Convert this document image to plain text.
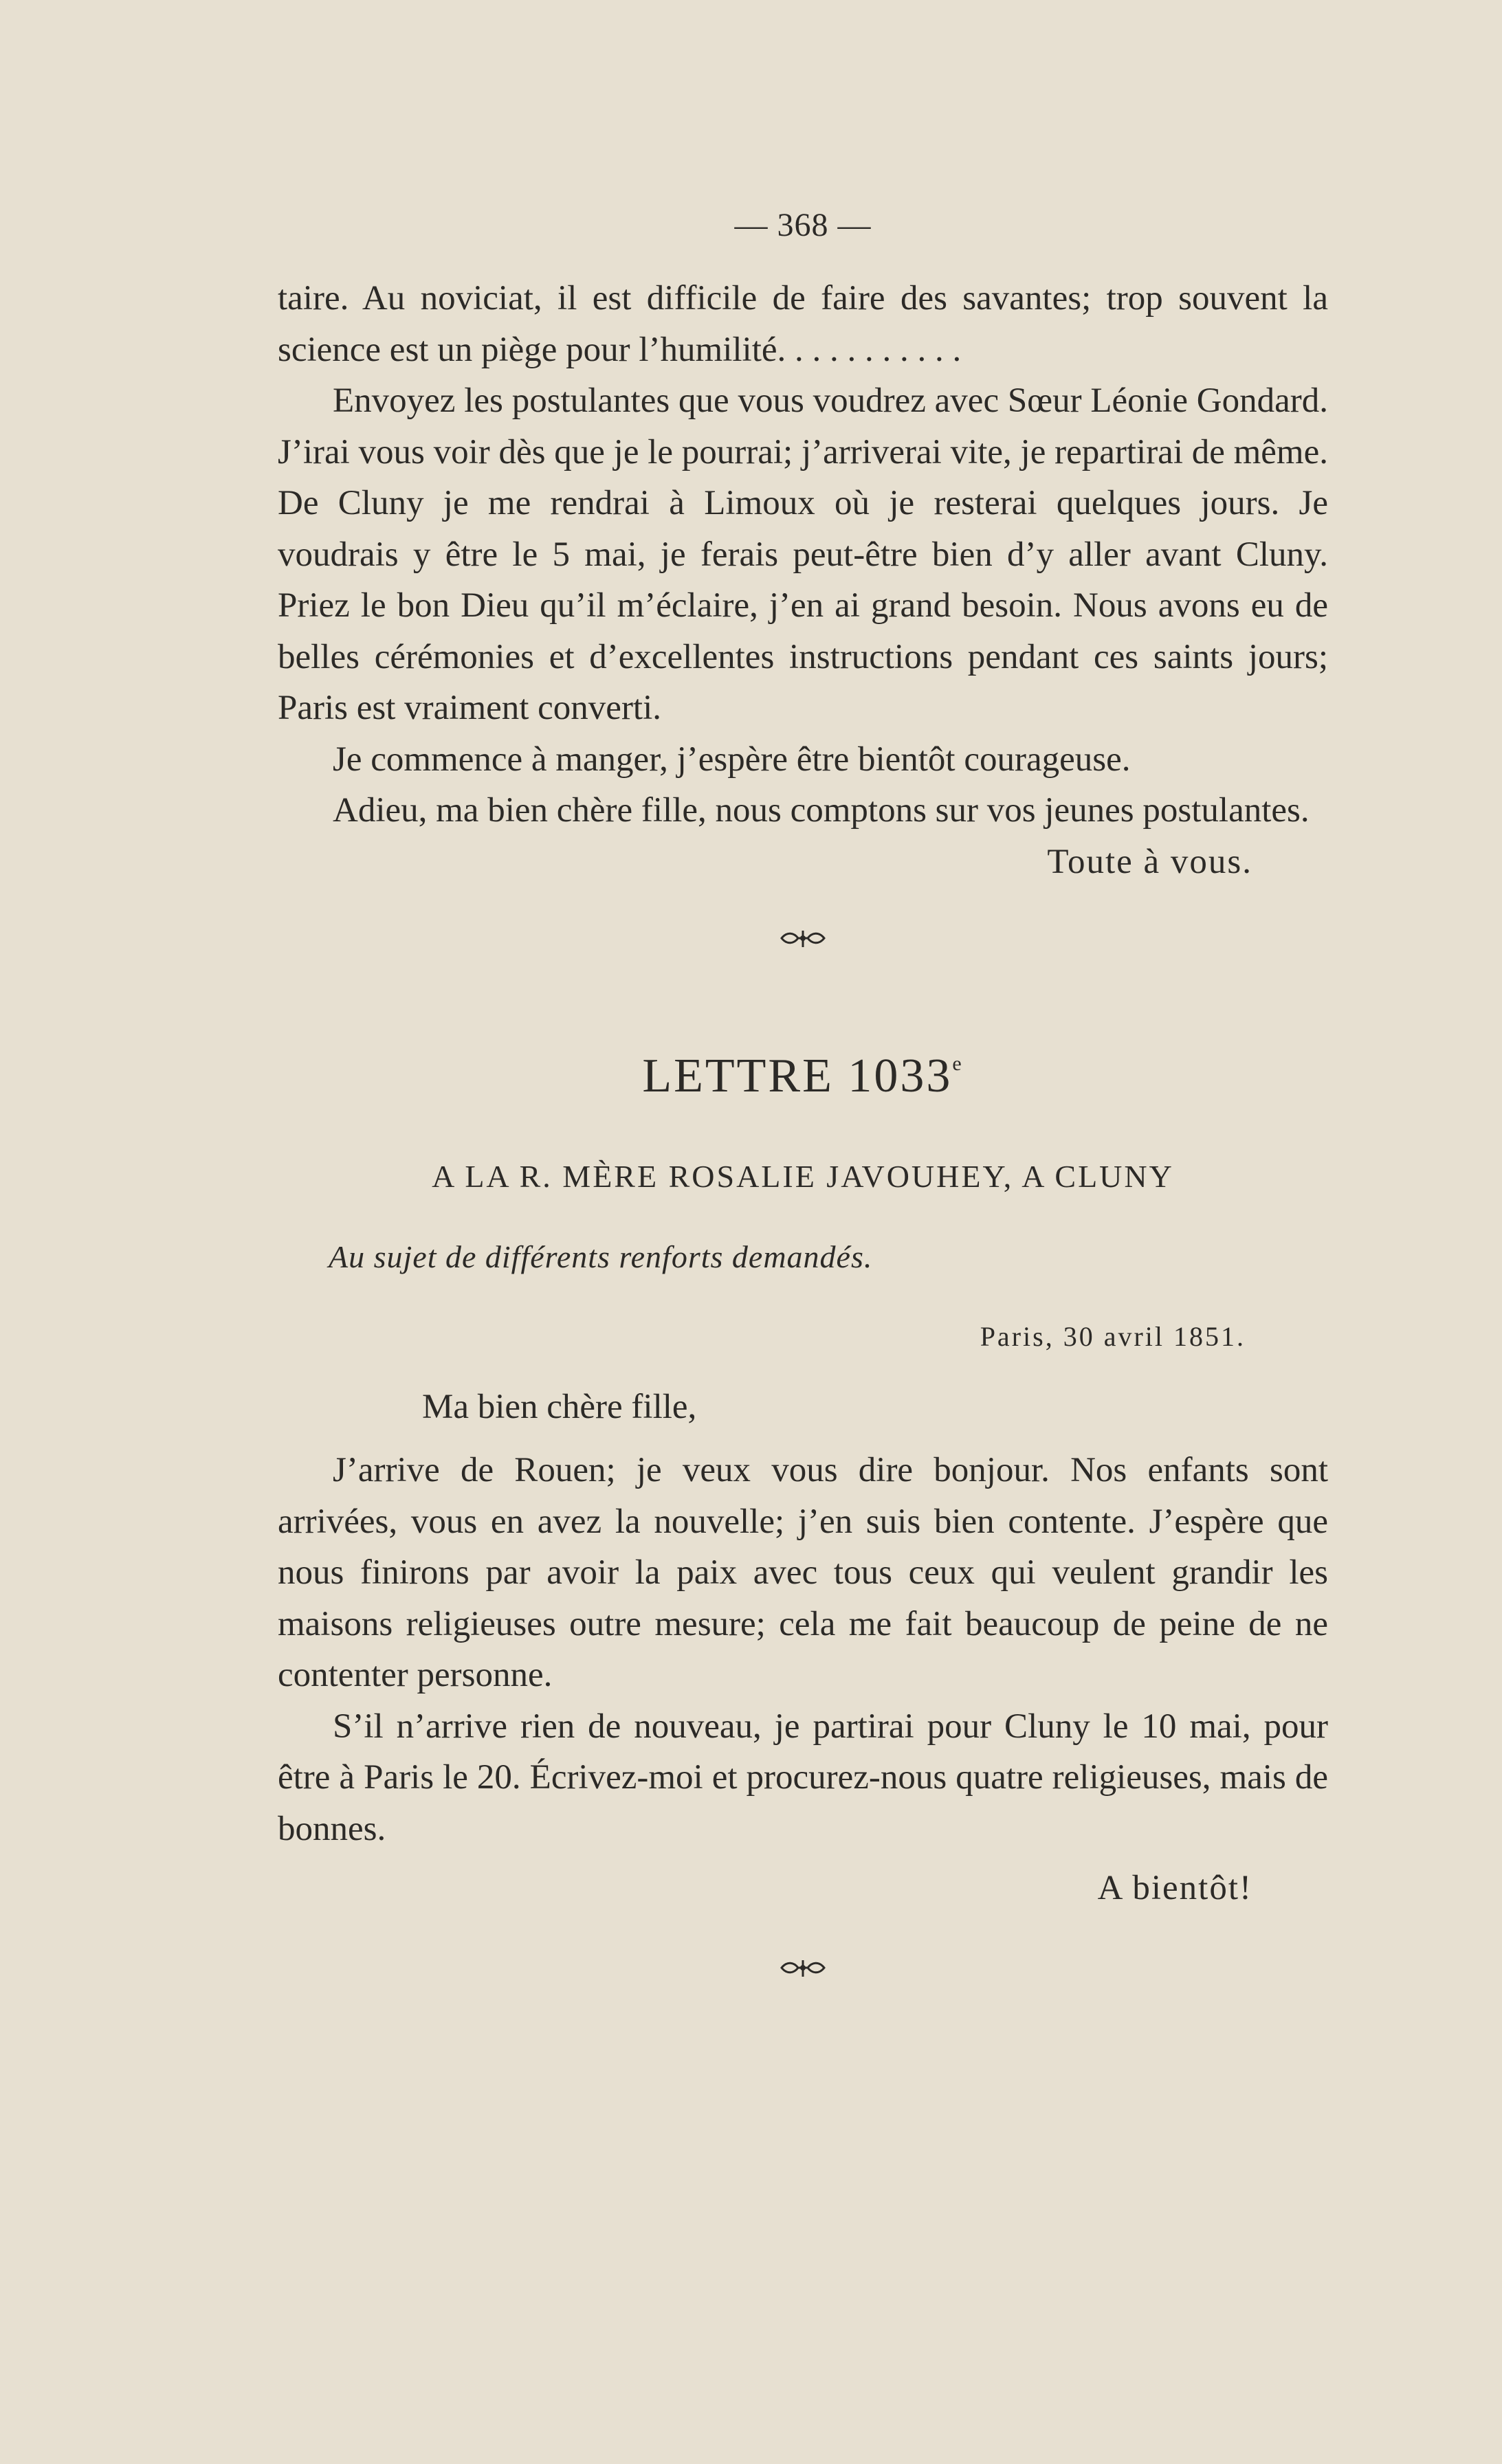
— 368 —

taire. Au noviciat, il est difficile de faire des savantes; trop souvent la science est un piège pour l’humilité. . . . . . . . . . .

Envoyez les postulantes que vous voudrez avec Sœur Léonie Gondard. J’irai vous voir dès que je le pourrai; j’arriverai vite, je repartirai de même. De Cluny je me rendrai à Limoux où je resterai quelques jours. Je voudrais y être le 5 mai, je ferais peut-être bien d’y aller avant Cluny. Priez le bon Dieu qu’il m’éclaire, j’en ai grand besoin. Nous avons eu de belles cérémonies et d’excellentes instructions pendant ces saints jours; Paris est vraiment converti.

Je commence à manger, j’espère être bientôt courageuse.

Adieu, ma bien chère fille, nous comptons sur vos jeunes postulantes.

Toute à vous.
LETTRE 1033e
A LA R. MÈRE ROSALIE JAVOUHEY, A CLUNY
Au sujet de différents renforts demandés.
Paris, 30 avril 1851.
Ma bien chère fille,

J’arrive de Rouen; je veux vous dire bonjour. Nos enfants sont arrivées, vous en avez la nouvelle; j’en suis bien contente. J’espère que nous finirons par avoir la paix avec tous ceux qui veulent grandir les maisons religieuses outre mesure; cela me fait beaucoup de peine de ne contenter personne.

S’il n’arrive rien de nouveau, je partirai pour Cluny le 10 mai, pour être à Paris le 20. Écrivez-moi et procurez-nous quatre religieuses, mais de bonnes.

A bientôt!
